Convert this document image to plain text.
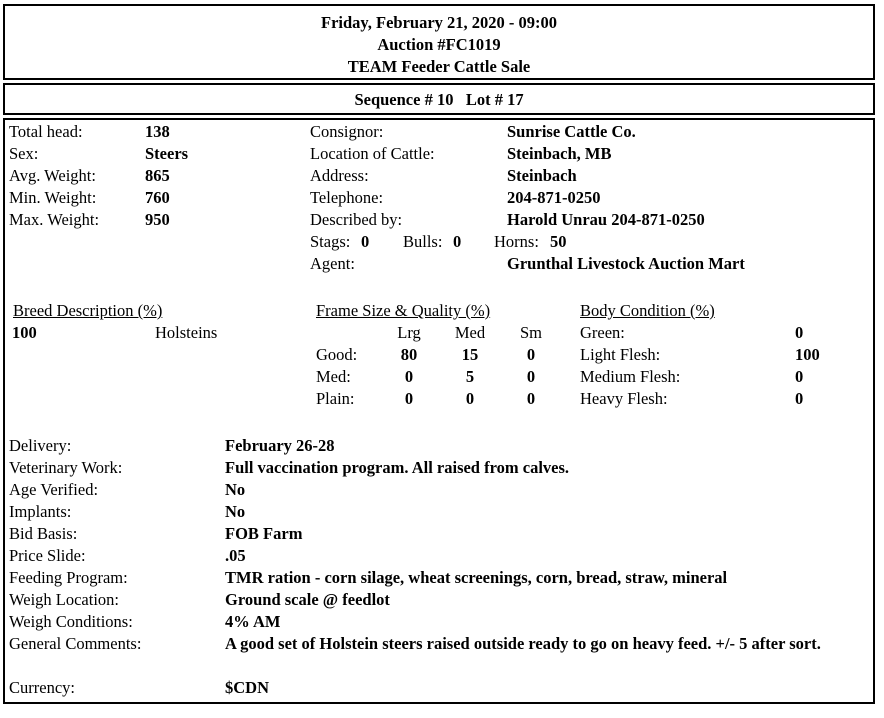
Friday, February 21, 2020 - 09:00
Auction #FC1019
TEAM Feeder Cattle Sale
Sequence # 10   Lot # 17
Total head:	138
Sex:	Steers
Avg. Weight:	865
Min. Weight:	760
Max. Weight:	950
Consignor:	Sunrise Cattle Co.
Location of Cattle:	Steinbach, MB
Address:	Steinbach
Telephone:	204-871-0250
Described by:	Harold Unrau 204-871-0250
Stags: 0 Bulls: 0 Horns: 50
Agent:	Grunthal Livestock Auction Mart
Breed Description (%)
100	Holsteins
Frame Size & Quality (%)
Lrg	Med	Sm
Good:	80	15	0
Med:	0	5	0
Plain:	0	0	0
Body Condition (%)
Green:	0
Light Flesh:	100
Medium Flesh:	0
Heavy Flesh:	0
Delivery:	February 26-28
Veterinary Work:	Full vaccination program. All raised from calves.
Age Verified:	No
Implants:	No
Bid Basis:	FOB Farm
Price Slide:	.05
Feeding Program:	TMR ration - corn silage, wheat screenings, corn, bread, straw, mineral
Weigh Location:	Ground scale @ feedlot
Weigh Conditions:	4% AM
General Comments:	A good set of Holstein steers raised outside ready to go on heavy feed. +/- 5 after sort.
Currency:	$CDN
